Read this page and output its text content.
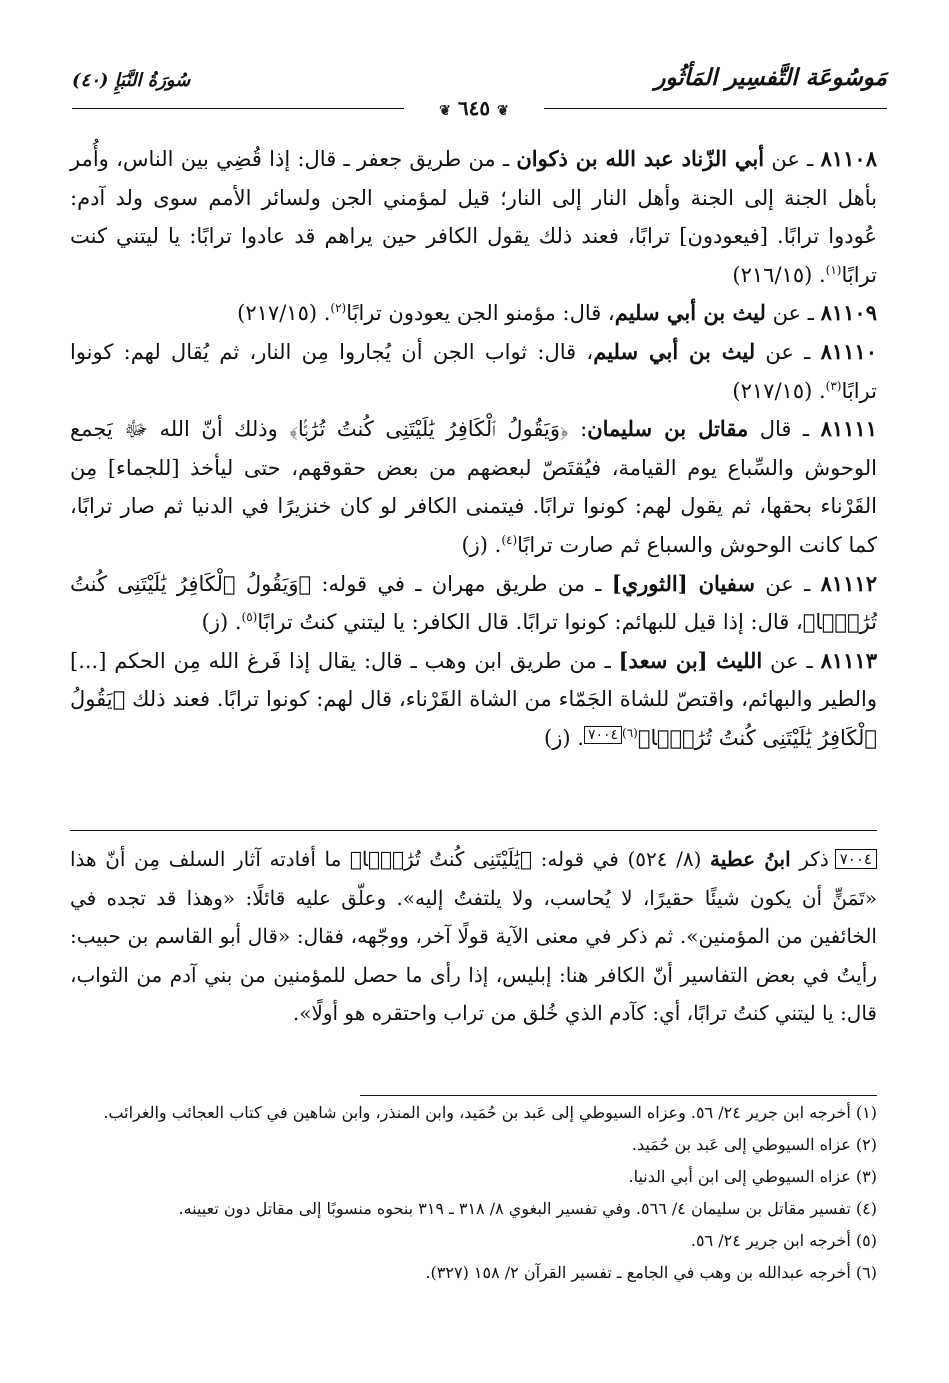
مَوسُوعَة التَّفسِير المَأثُور
سُورَةُ النَّبَإِ (٤٠)
❦ ٦٤٥ ❦

٨١١٠٨ ـ عن أبي الزّناد عبد الله بن ذكوان ـ من طريق جعفر ـ قال: إذا قُضِي بين الناس، وأُمر بأهل الجنة إلى الجنة وأهل النار إلى النار؛ قيل لمؤمني الجن ولسائر الأمم سوى ولد آدم: عُودوا ترابًا. [فيعودون] ترابًا، فعند ذلك يقول الكافر حين يراهم قد عادوا ترابًا: يا ليتني كنت ترابًا$^{(١)}$. (٢١٦/١٥)

٨١١٠٩ ـ عن ليث بن أبي سليم، قال: مؤمنو الجن يعودون ترابًا$^{(٢)}$. (٢١٧/١٥)

٨١١١٠ ـ عن ليث بن أبي سليم، قال: ثواب الجن أن يُجاروا مِن النار، ثم يُقال لهم: كونوا ترابًا$^{(٣)}$. (٢١٧/١٥)

٨١١١١ ـ قال مقاتل بن سليمان: ﴿وَيَقُولُ ٱلْكَافِرُ يَٰلَيْتَنِى كُنتُ تُرَٰبًۢا﴾ وذلك أنّ الله ﷻ يَجمع الوحوش والسِّباع يوم القيامة، فيُقتَصّ لبعضهم من بعض حقوقهم، حتى ليأخذ [للجماء] مِن القَرْناء بحقها، ثم يقول لهم: كونوا ترابًا. فيتمنى الكافر لو كان خنزيرًا في الدنيا ثم صار ترابًا، كما كانت الوحوش والسباع ثم صارت ترابًا$^{(٤)}$. (ز)

٨١١١٢ ـ عن سفيان [الثوري] ـ من طريق مهران ـ في قوله: ﴿وَيَقُولُ ٱلْكَافِرُ يَٰلَيْتَنِى كُنتُ تُرَٰبًۢا﴾، قال: إذا قيل للبهائم: كونوا ترابًا. قال الكافر: يا ليتني كنتُ ترابًا$^{(٥)}$. (ز)

٨١١١٣ ـ عن الليث [بن سعد] ـ من طريق ابن وهب ـ قال: يقال إذا فَرغ الله مِن الحكم [...] والطير والبهائم، واقتصّ للشاة الجَمّاء من الشاة القَرْناء، قال لهم: كونوا ترابًا. فعند ذلك ﴿يَقُولُ ٱلْكَافِرُ يَٰلَيْتَنِى كُنتُ تُرَٰبًۢا﴾$^{(٦)٧٠٠٤}$. (ز)

٧٠٠٤ذكر ابنُ عطية (٨/ ٥٢٤) في قوله: ﴿يَٰلَيْتَنِى كُنتُ تُرَٰبًۢا﴾ ما أفادته آثار السلف مِن أنّ هذا «تَمَنٍّ أن يكون شيئًا حقيرًا، لا يُحاسب، ولا يلتفتُ إليه». وعلّق عليه قائلًا: «وهذا قد تجده في الخائفين من المؤمنين». ثم ذكر في معنى الآية قولًا آخر، ووجّهه، فقال: «قال أبو القاسم بن حبيب: رأيتُ في بعض التفاسير أنّ الكافر هنا: إبليس، إذا رأى ما حصل للمؤمنين من بني آدم من الثواب، قال: يا ليتني كنتُ ترابًا، أي: كآدم الذي خُلق من تراب واحتقره هو أولًا».

(١) أخرجه ابن جرير ٢٤/ ٥٦. وعزاه السيوطي إلى عَبد بن حُمَيد، وابن المنذر، وابن شاهين في كتاب العجائب والغرائب.

(٢) عزاه السيوطي إلى عَبد بن حُمَيد.

(٣) عزاه السيوطي إلى ابن أبي الدنيا.

(٤) تفسير مقاتل بن سليمان ٤/ ٥٦٦. وفي تفسير البغوي ٨/ ٣١٨ ـ ٣١٩ بنحوه منسوبًا إلى مقاتل دون تعيينه.

(٥) أخرجه ابن جرير ٢٤/ ٥٦.

(٦) أخرجه عبدالله بن وهب في الجامع ـ تفسير القرآن ٢/ ١٥٨ (٣٢٧).
